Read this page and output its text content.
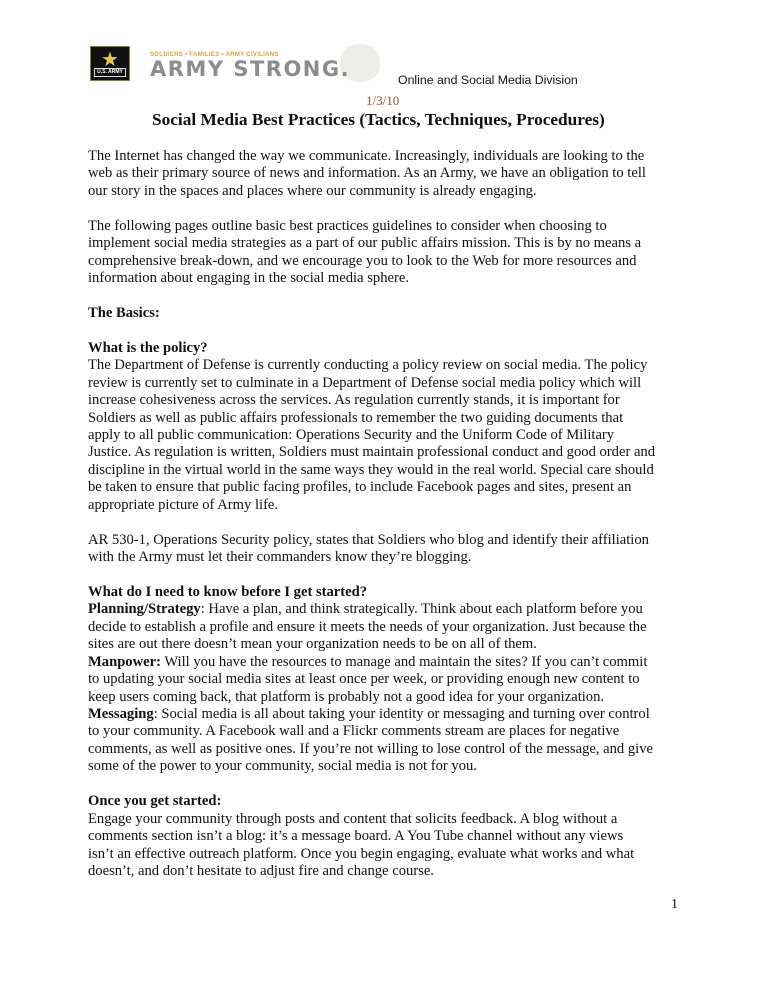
★
U.S. ARMY
SOLDIERS • FAMILIES • ARMY CIVILIANS
ARMY STRONG.	Online and Social Media Division
1/3/10
Social Media Best Practices (Tactics, Techniques, Procedures)
The Internet has changed the way we communicate. Increasingly, individuals are looking to the
web as their primary source of news and information. As an Army, we have an obligation to tell
our story in the spaces and places where our community is already engaging.
The following pages outline basic best practices guidelines to consider when choosing to
implement social media strategies as a part of our public affairs mission. This is by no means a
comprehensive break-down, and we encourage you to look to the Web for more resources and
information about engaging in the social media sphere.
The Basics:
What is the policy?
The Department of Defense is currently conducting a policy review on social media. The policy
review is currently set to culminate in a Department of Defense social media policy which will
increase cohesiveness across the services. As regulation currently stands, it is important for
Soldiers as well as public affairs professionals to remember the two guiding documents that
apply to all public communication: Operations Security and the Uniform Code of Military
Justice. As regulation is written, Soldiers must maintain professional conduct and good order and
discipline in the virtual world in the same ways they would in the real world. Special care should
be taken to ensure that public facing profiles, to include Facebook pages and sites, present an
appropriate picture of Army life.
AR 530-1, Operations Security policy, states that Soldiers who blog and identify their affiliation
with the Army must let their commanders know they’re blogging.
What do I need to know before I get started?
Planning/Strategy: Have a plan, and think strategically. Think about each platform before you
decide to establish a profile and ensure it meets the needs of your organization. Just because the
sites are out there doesn’t mean your organization needs to be on all of them.
Manpower: Will you have the resources to manage and maintain the sites? If you can’t commit
to updating your social media sites at least once per week, or providing enough new content to
keep users coming back, that platform is probably not a good idea for your organization.
Messaging: Social media is all about taking your identity or messaging and turning over control
to your community. A Facebook wall and a Flickr comments stream are places for negative
comments, as well as positive ones. If you’re not willing to lose control of the message, and give
some of the power to your community, social media is not for you.
Once you get started:
Engage your community through posts and content that solicits feedback. A blog without a
comments section isn’t a blog: it’s a message board. A You Tube channel without any views
isn’t an effective outreach platform. Once you begin engaging, evaluate what works and what
doesn’t, and don’t hesitate to adjust fire and change course.
1
